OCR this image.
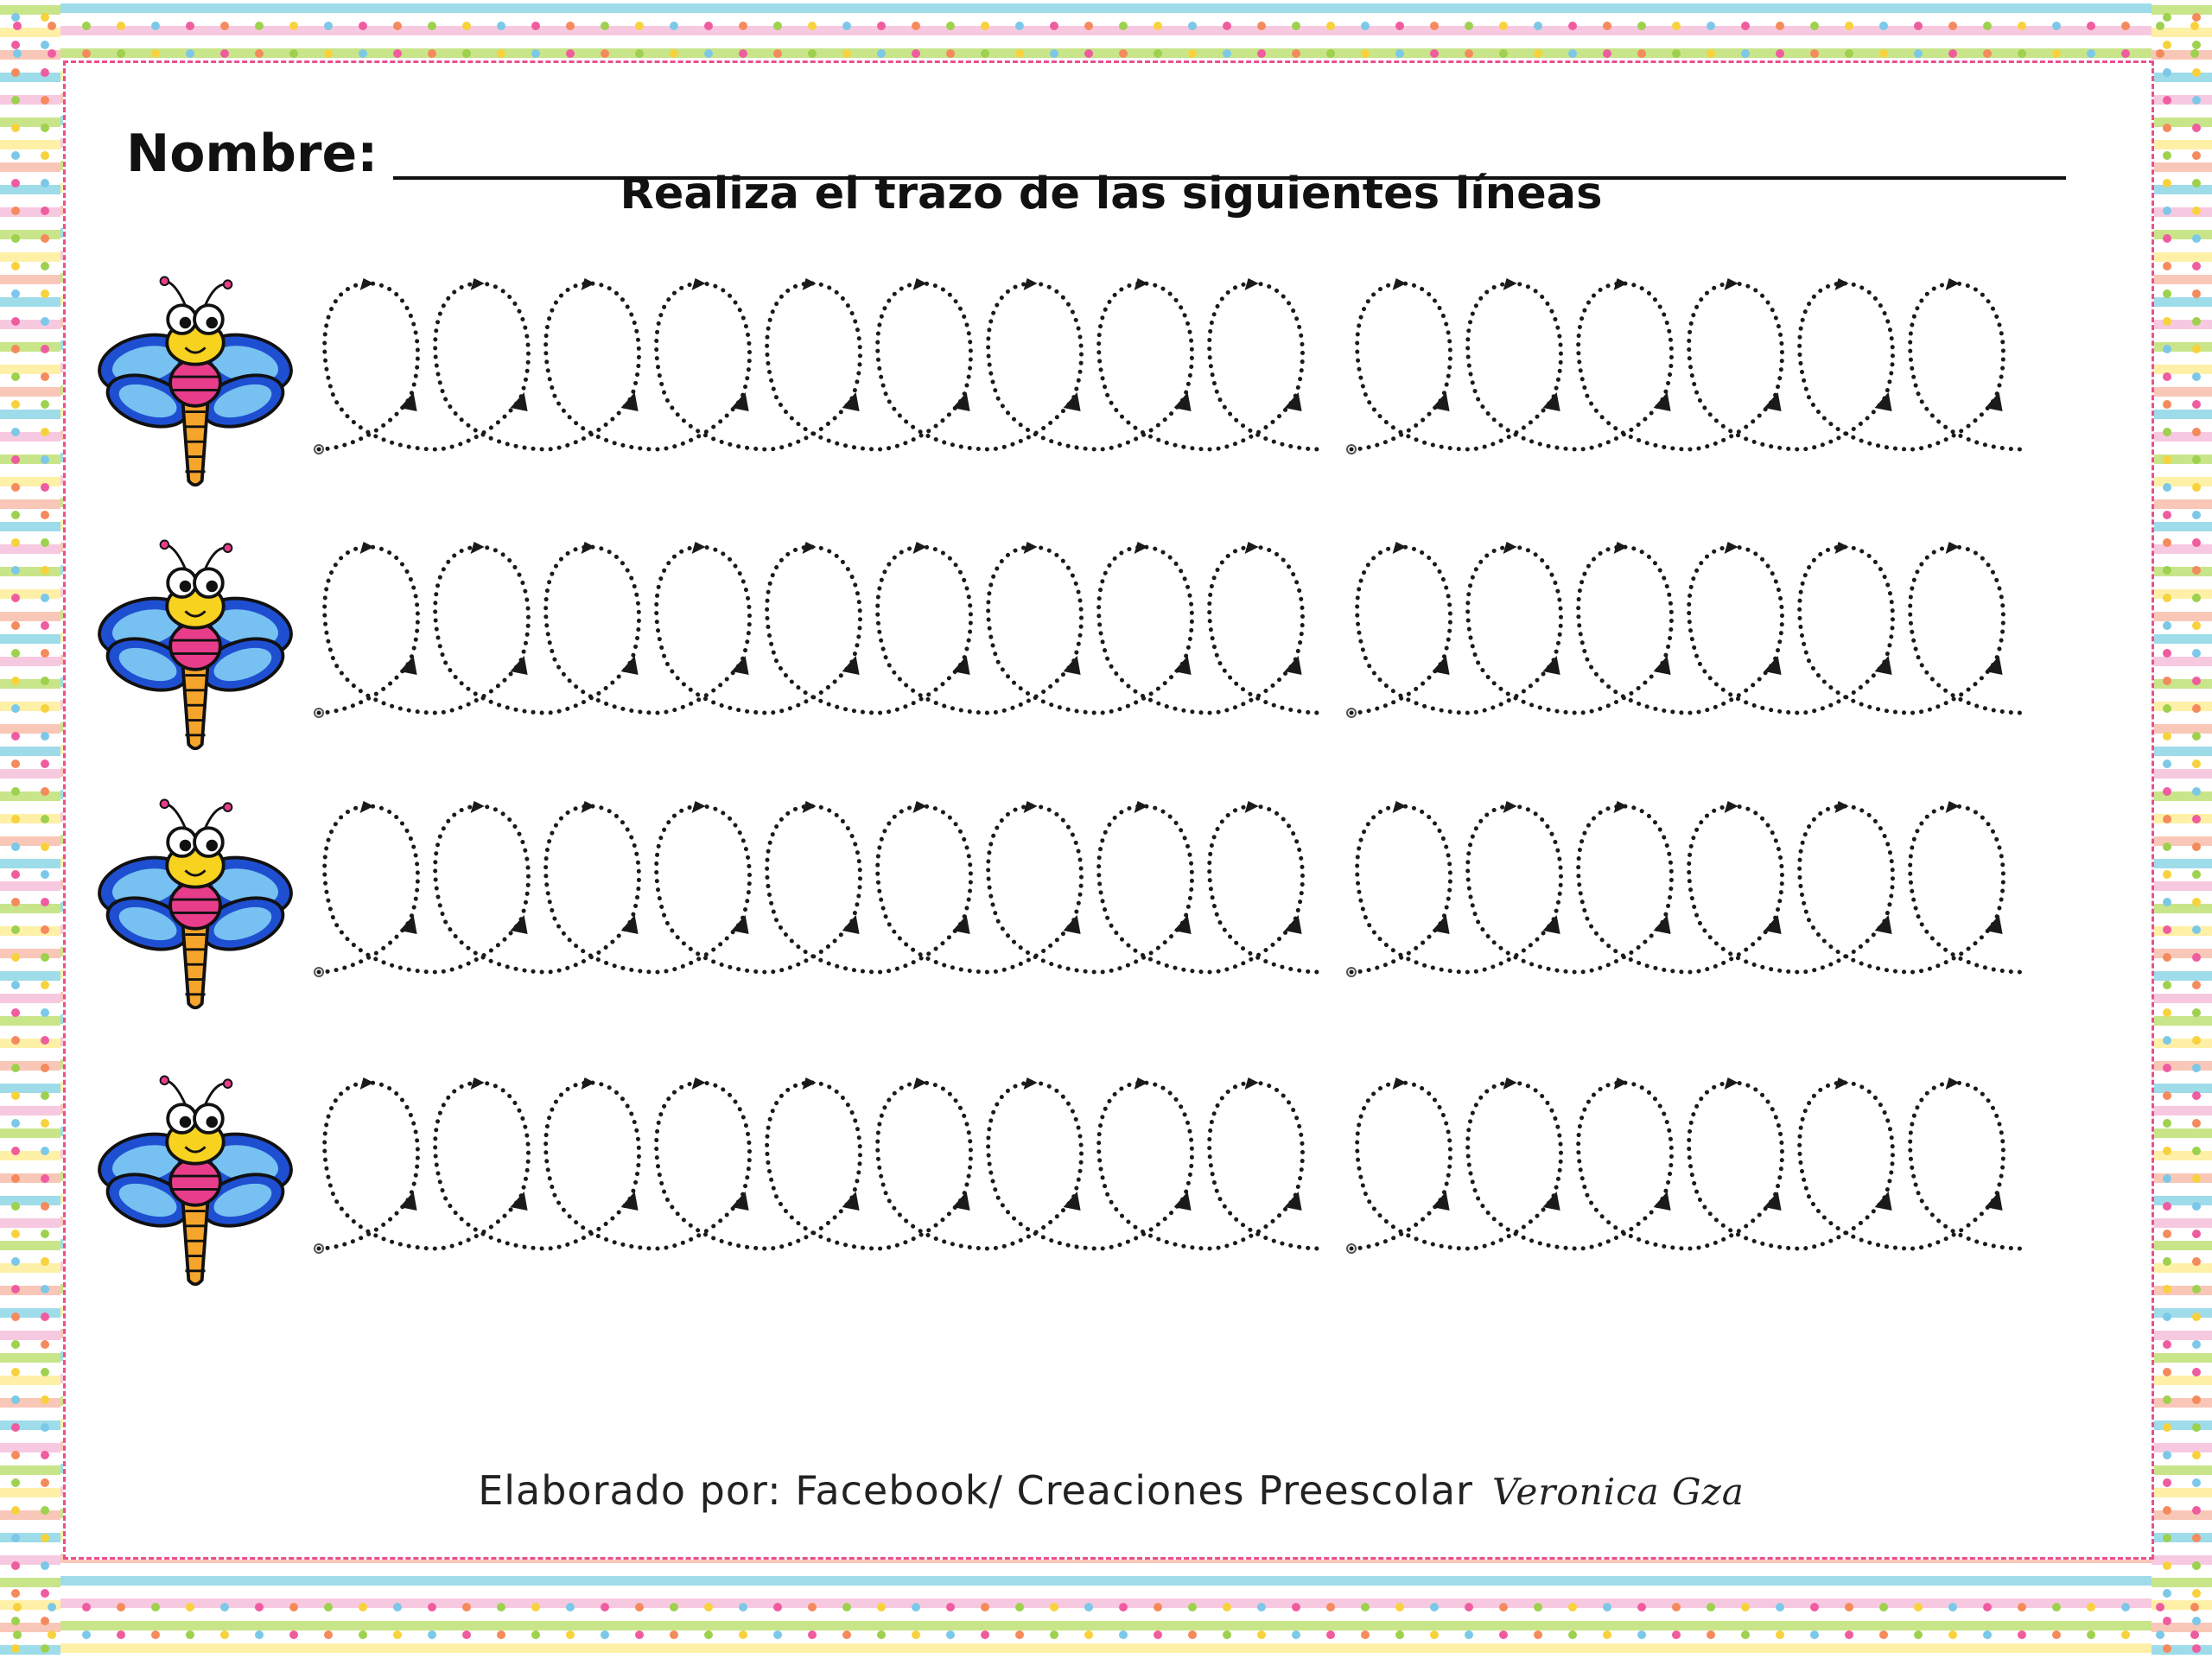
Nombre:
Realiza el trazo de las siguientes líneas
Elaborado por: Facebook/ Creaciones Preescolar Veronica Gza
